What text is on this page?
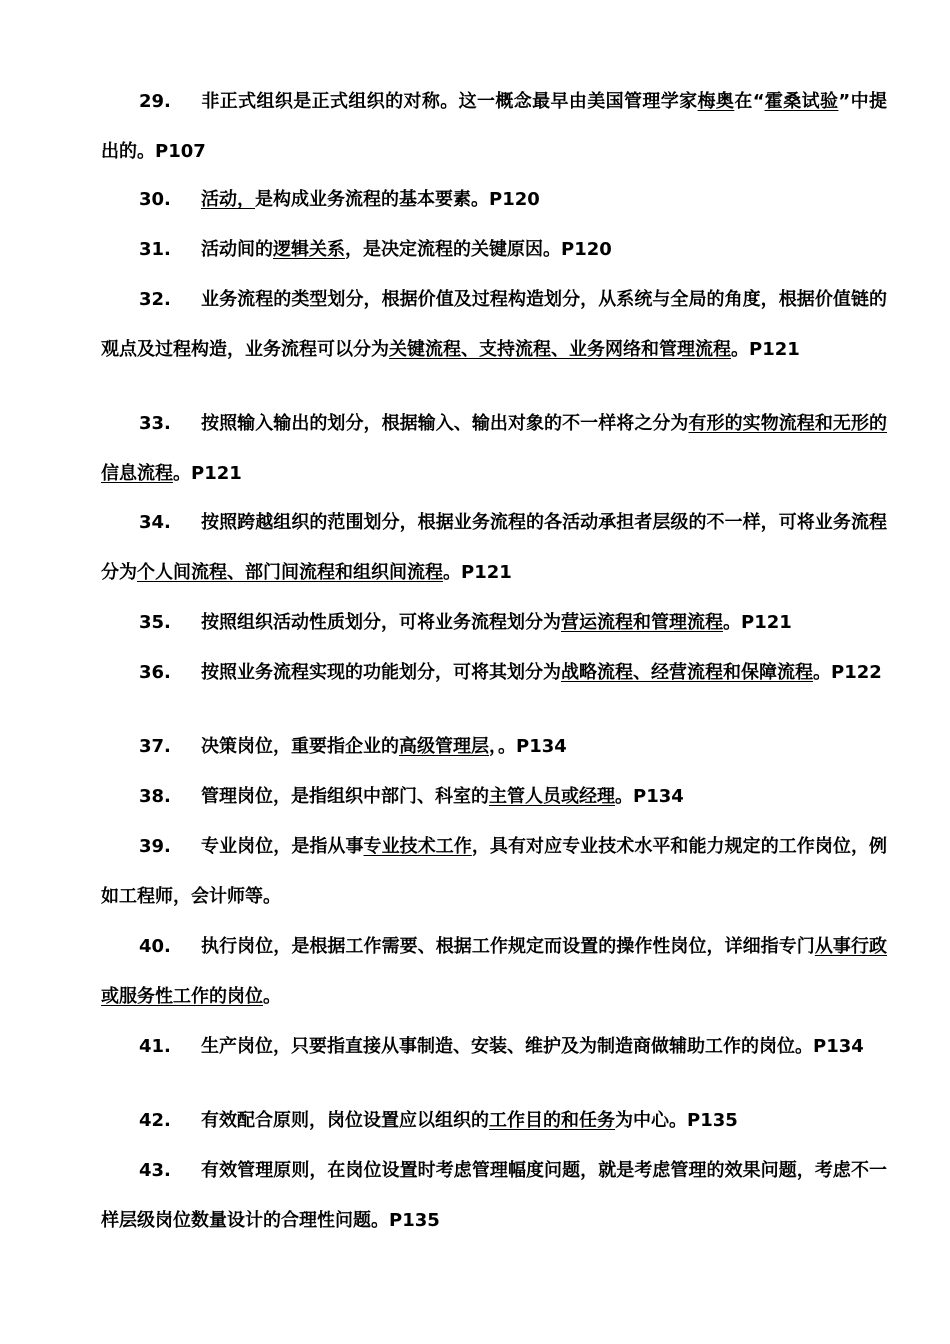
29. 非正式组织是正式组织的对称。这一概念最早由美国管理学家梅奥在“霍桑试验”中提出的。P107

30. 活动，是构成业务流程的基本要素。P120

31. 活动间的逻辑关系，是决定流程的关键原因。P120

32. 业务流程的类型划分，根据价值及过程构造划分，从系统与全局的角度，根据价值链的观点及过程构造，业务流程可以分为关键流程、支持流程、业务网络和管理流程。P121

33. 按照输入输出的划分，根据输入、输出对象的不一样将之分为有形的实物流程和无形的信息流程。P121

34. 按照跨越组织的范围划分，根据业务流程的各活动承担者层级的不一样，可将业务流程分为个人间流程、部门间流程和组织间流程。P121

35. 按照组织活动性质划分，可将业务流程划分为营运流程和管理流程。P121

36. 按照业务流程实现的功能划分，可将其划分为战略流程、经营流程和保障流程。P122

37. 决策岗位，重要指企业的高级管理层，。P134

38. 管理岗位，是指组织中部门、科室的主管人员或经理。P134

39. 专业岗位，是指从事专业技术工作，具有对应专业技术水平和能力规定的工作岗位，例如工程师，会计师等。

40. 执行岗位，是根据工作需要、根据工作规定而设置的操作性岗位，详细指专门从事行政或服务性工作的岗位。

41. 生产岗位，只要指直接从事制造、安装、维护及为制造商做辅助工作的岗位。P134

42. 有效配合原则，岗位设置应以组织的工作目的和任务为中心。P135

43. 有效管理原则，在岗位设置时考虑管理幅度问题，就是考虑管理的效果问题，考虑不一样层级岗位数量设计的合理性问题。P135
